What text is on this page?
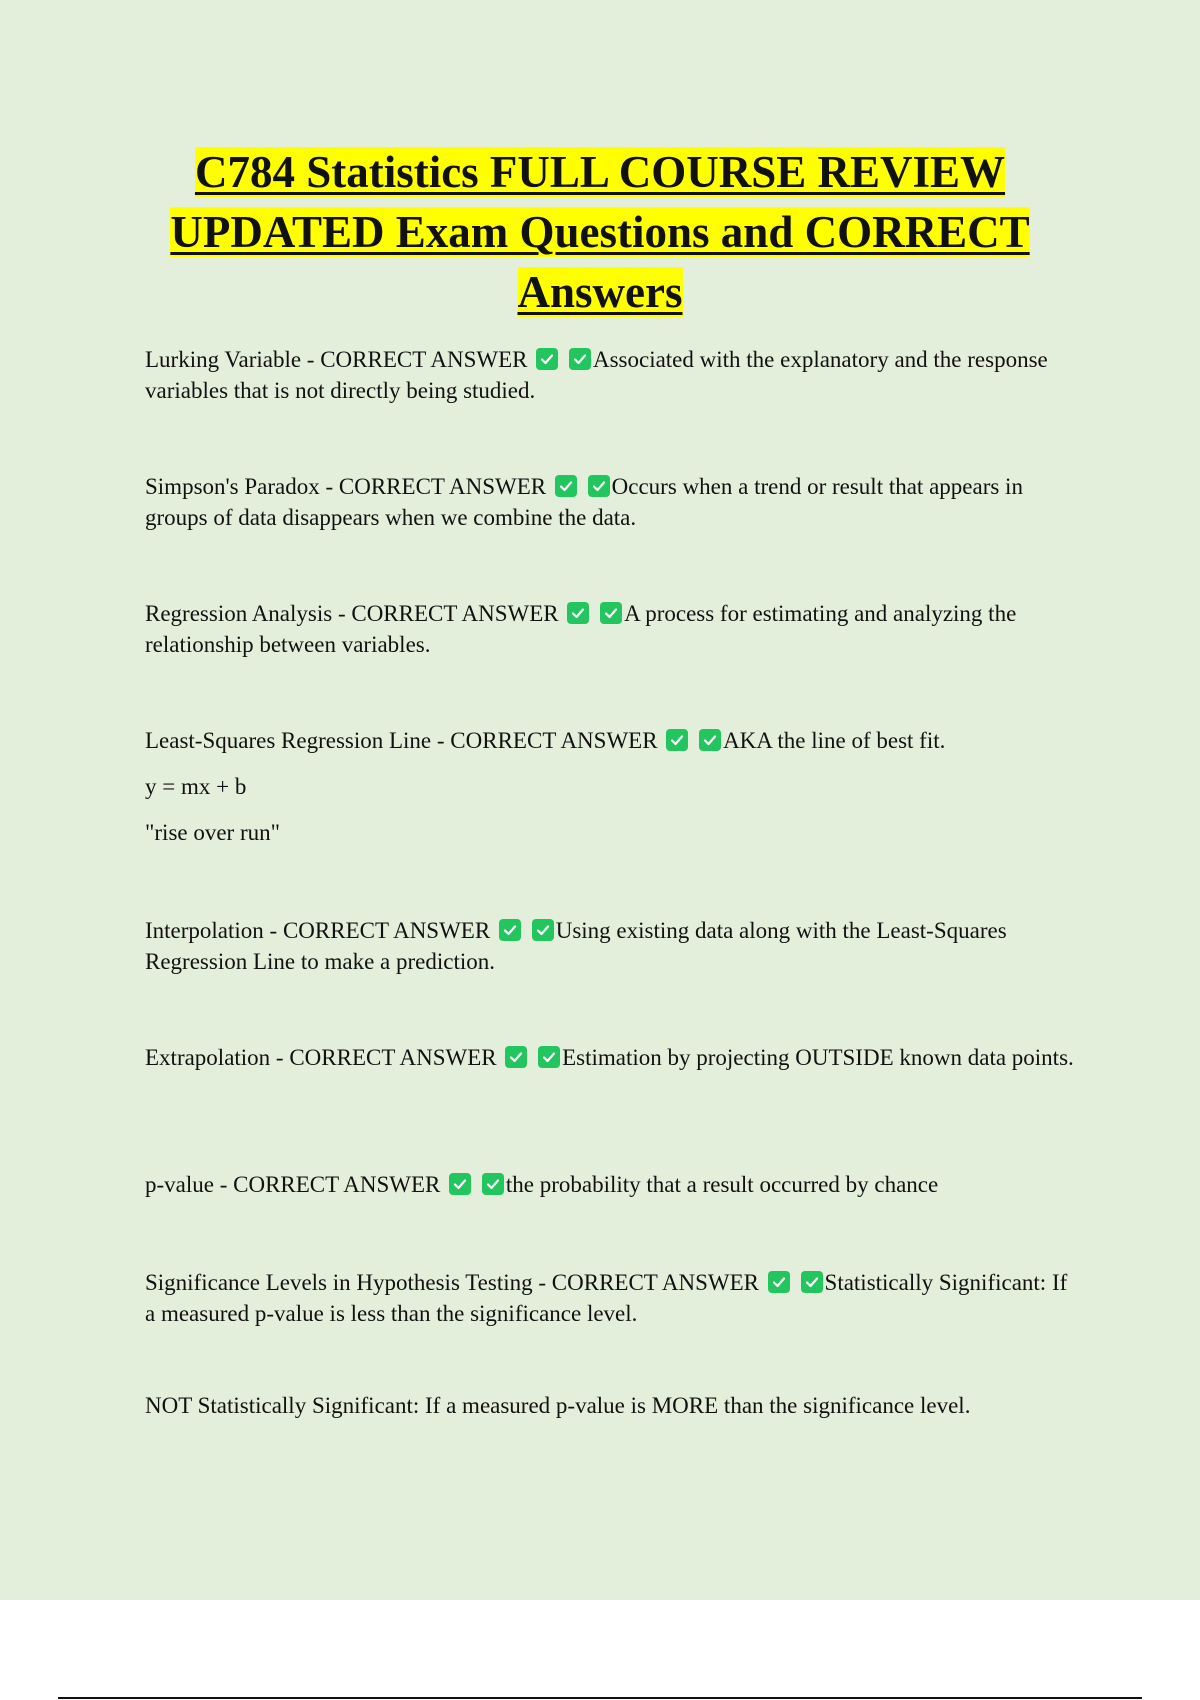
C784 Statistics FULL COURSE REVIEW
UPDATED Exam Questions and CORRECT
Answers

Lurking Variable - CORRECT ANSWER
	Associated with the explanatory and the response variables that is not directly being studied.

Simpson's Paradox - CORRECT ANSWER
	Occurs when a trend or result that appears in groups of data disappears when we combine the data.

Regression Analysis - CORRECT ANSWER
	A process for estimating and analyzing the relationship between variables.

Least-Squares Regression Line - CORRECT ANSWER
	AKA the line of best fit.

y = mx + b

"rise over run"

Interpolation - CORRECT ANSWER
	Using existing data along with the Least-Squares Regression Line to make a prediction.

Extrapolation - CORRECT ANSWER
	Estimation by projecting OUTSIDE known data points.

p-value - CORRECT ANSWER
	the probability that a result occurred by chance

Significance Levels in Hypothesis Testing - CORRECT ANSWER
	Statistically Significant: If a measured p-value is less than the significance level.

NOT Statistically Significant: If a measured p-value is MORE than the significance level.
